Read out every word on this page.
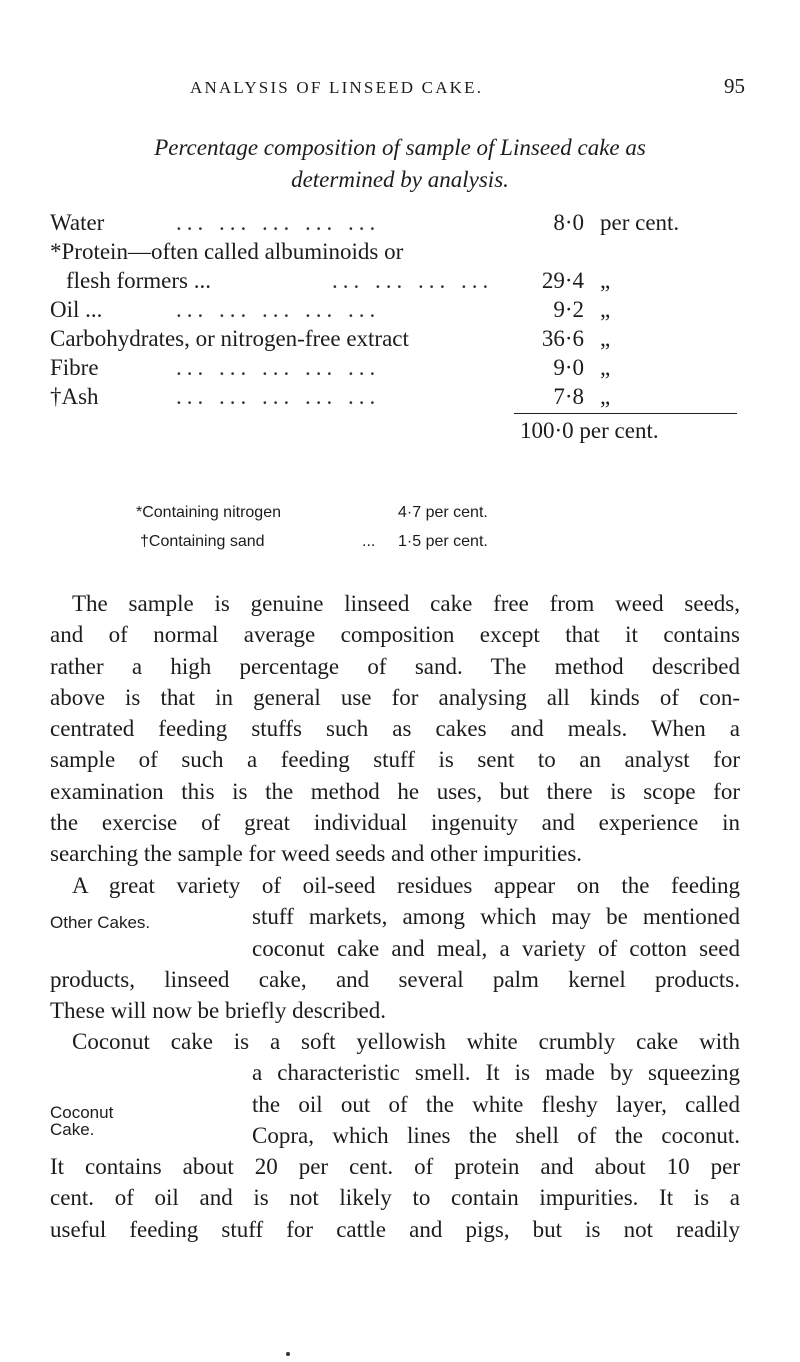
ANALYSIS OF LINSEED CAKE.	95
Percentage composition of sample of Linseed cake as
determined by analysis.
Water	... ... ... ... ...	8·0 per cent.
*Protein—often called albuminoids or
flesh formers ...	... ... ... ...	29·4 „
Oil ...	... ... ... ... ...	9·2 „
Carbohydrates, or nitrogen-free extract	36·6 „
Fibre	... ... ... ... ...	9·0 „
†Ash	... ... ... ... ...	7·8 „
100·0 per cent.
*Containing nitrogen	4·7 per cent.
†Containing sand	... 1·5 per cent.

The sample is genuine linseed cake free from weed seeds,

and of normal average composition except that it contains

rather a high percentage of sand. The method described

above is that in general use for analysing all kinds of con-

centrated feeding stuffs such as cakes and meals. When a

sample of such a feeding stuff is sent to an analyst for

examination this is the method he uses, but there is scope for

the exercise of great individual ingenuity and experience in

searching the sample for weed seeds and other impurities.

A great variety of oil-seed residues appear on the feeding

stuff markets, among which may be mentioned

coconut cake and meal, a variety of cotton seed

products, linseed cake, and several palm kernel products.

These will now be briefly described.

Other Cakes.

Coconut cake is a soft yellowish white crumbly cake with

a characteristic smell. It is made by squeezing

the oil out of the white fleshy layer, called

Copra, which lines the shell of the coconut.

It contains about 20 per cent. of protein and about 10 per

cent. of oil and is not likely to contain impurities. It is a

useful feeding stuff for cattle and pigs, but is not readily

Coconut
Cake.
